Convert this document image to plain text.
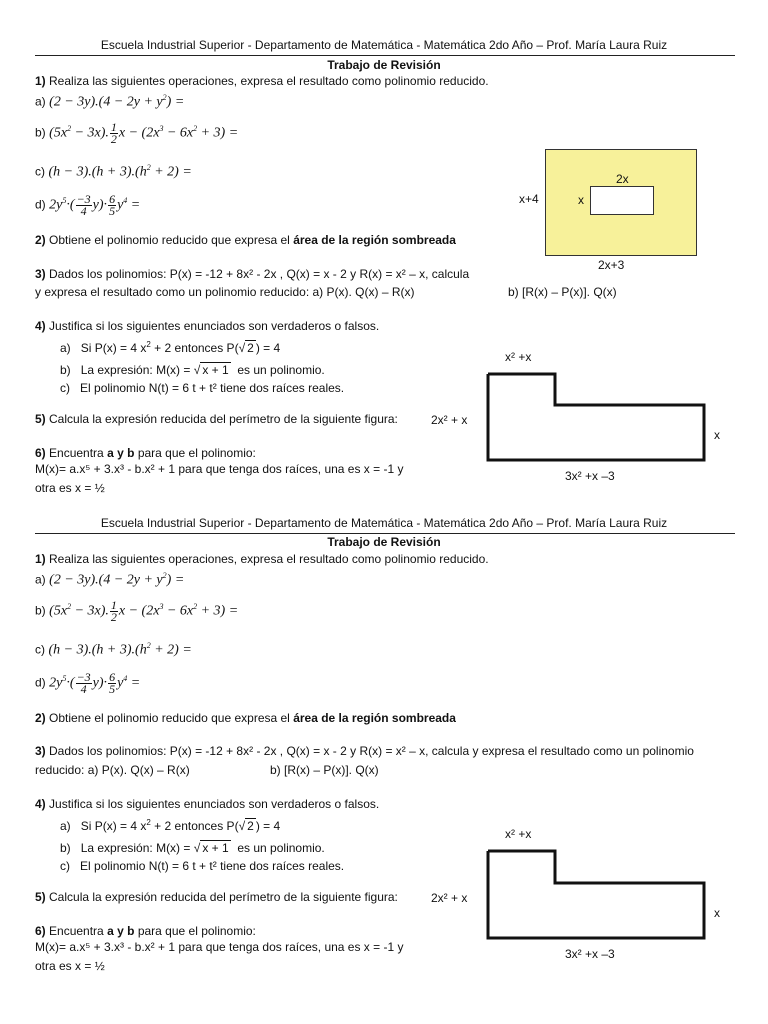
Escuela Industrial Superior - Departamento de Matemática - Matemática 2do Año – Prof. María Laura Ruiz
Trabajo de Revisión
1) Realiza las siguientes operaciones, expresa el resultado como polinomio reducido.
a) $(2 - 3y).(4 - 2y + y^2)$ =
b) $(5x^2 - 3x)$. $\frac{1}{2}$ $x - (2x^3 - 6x^2 + 3)$ =
c) $(h - 3).(h + 3).(h^2 + 2)$ =
d) $2y^5\cdot( \frac{-3}{4} y)\cdot \frac{6}{5} y^4$ =
2) Obtiene el polinomio reducido que expresa el área de la región sombreada
2x
x
x+4
2x+3
3) Dados los polinomios: P(x) = -12 + 8x² - 2x , Q(x) = x - 2 y R(x) = x² – x, calcula
y expresa el resultado como un polinomio reducido: a) P(x). Q(x) – R(x)	b) [R(x) – P(x)]. Q(x)
4) Justifica si los siguientes enunciados son verdaderos o falsos.
a) Si P(x) = 4 $x^2 + 2$ entonces P(√ 2 ) = 4
b) La expresión: M(x) = √ x + 1 es un polinomio.
c) El polinomio N(t) = 6 t + t² tiene dos raíces reales.
5) Calcula la expresión reducida del perímetro de la siguiente figura:
6) Encuentra a y b para que el polinomio:
M(x)= a.x⁵ + 3.x³ - b.x² + 1 para que tenga dos raíces, una es x = -1 y
otra es x = ½
x² +x
2x² + x
x
3x² +x –3
Escuela Industrial Superior - Departamento de Matemática - Matemática 2do Año – Prof. María Laura Ruiz
Trabajo de Revisión
1) Realiza las siguientes operaciones, expresa el resultado como polinomio reducido.
a) $(2 - 3y).(4 - 2y + y^2)$ =
b) $(5x^2 - 3x)$. $\frac{1}{2}$ $x - (2x^3 - 6x^2 + 3)$ =
c) $(h - 3).(h + 3).(h^2 + 2)$ =
d) $2y^5\cdot( \frac{-3}{4} y)\cdot \frac{6}{5} y^4$ =
2) Obtiene el polinomio reducido que expresa el área de la región sombreada
3) Dados los polinomios: P(x) = -12 + 8x² - 2x , Q(x) = x - 2 y R(x) = x² – x, calcula y expresa el resultado como un polinomio
reducido: a) P(x). Q(x) – R(x)	b) [R(x) – P(x)]. Q(x)
4) Justifica si los siguientes enunciados son verdaderos o falsos.
a) Si P(x) = 4 $x^2 + 2$ entonces P(√ 2 ) = 4
b) La expresión: M(x) = √ x + 1 es un polinomio.
c) El polinomio N(t) = 6 t + t² tiene dos raíces reales.
5) Calcula la expresión reducida del perímetro de la siguiente figura:
6) Encuentra a y b para que el polinomio:
M(x)= a.x⁵ + 3.x³ - b.x² + 1 para que tenga dos raíces, una es x = -1 y
otra es x = ½
x² +x
2x² + x
x
3x² +x –3
